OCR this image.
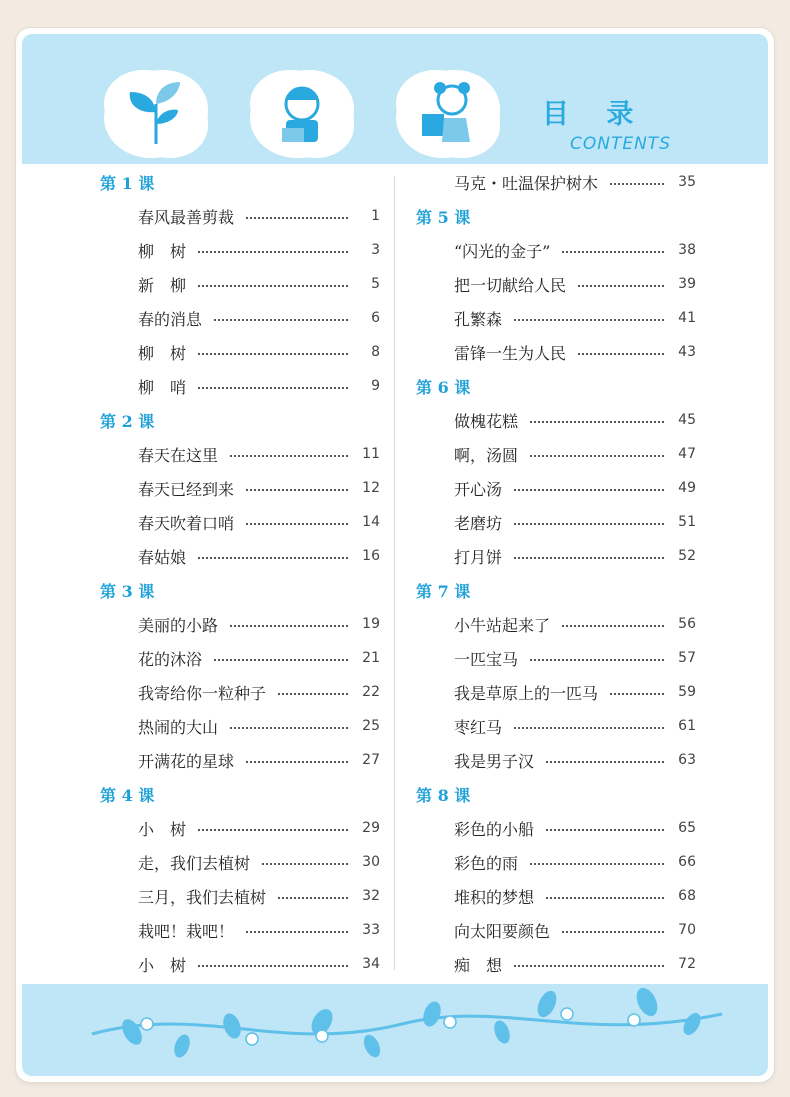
目 录
CONTENTS
第 1 课
春风最善剪裁	1
柳　树	3
新　柳	5
春的消息	6
柳　树	8
柳　哨	9
第 2 课
春天在这里	11
春天已经到来	12
春天吹着口哨	14
春姑娘	16
第 3 课
美丽的小路	19
花的沐浴	21
我寄给你一粒种子	22
热闹的大山	25
开满花的星球	27
第 4 课
小　树	29
走，我们去植树	30
三月，我们去植树	32
栽吧！栽吧！	33
小　树	34
马克・吐温保护树木	35
第 5 课
“闪光的金子”	38
把一切献给人民	39
孔繁森	41
雷锋一生为人民	43
第 6 课
做槐花糕	45
啊，汤圆	47
开心汤	49
老磨坊	51
打月饼	52
第 7 课
小牛站起来了	56
一匹宝马	57
我是草原上的一匹马	59
枣红马	61
我是男子汉	63
第 8 课
彩色的小船	65
彩色的雨	66
堆积的梦想	68
向太阳要颜色	70
痴　想	72
